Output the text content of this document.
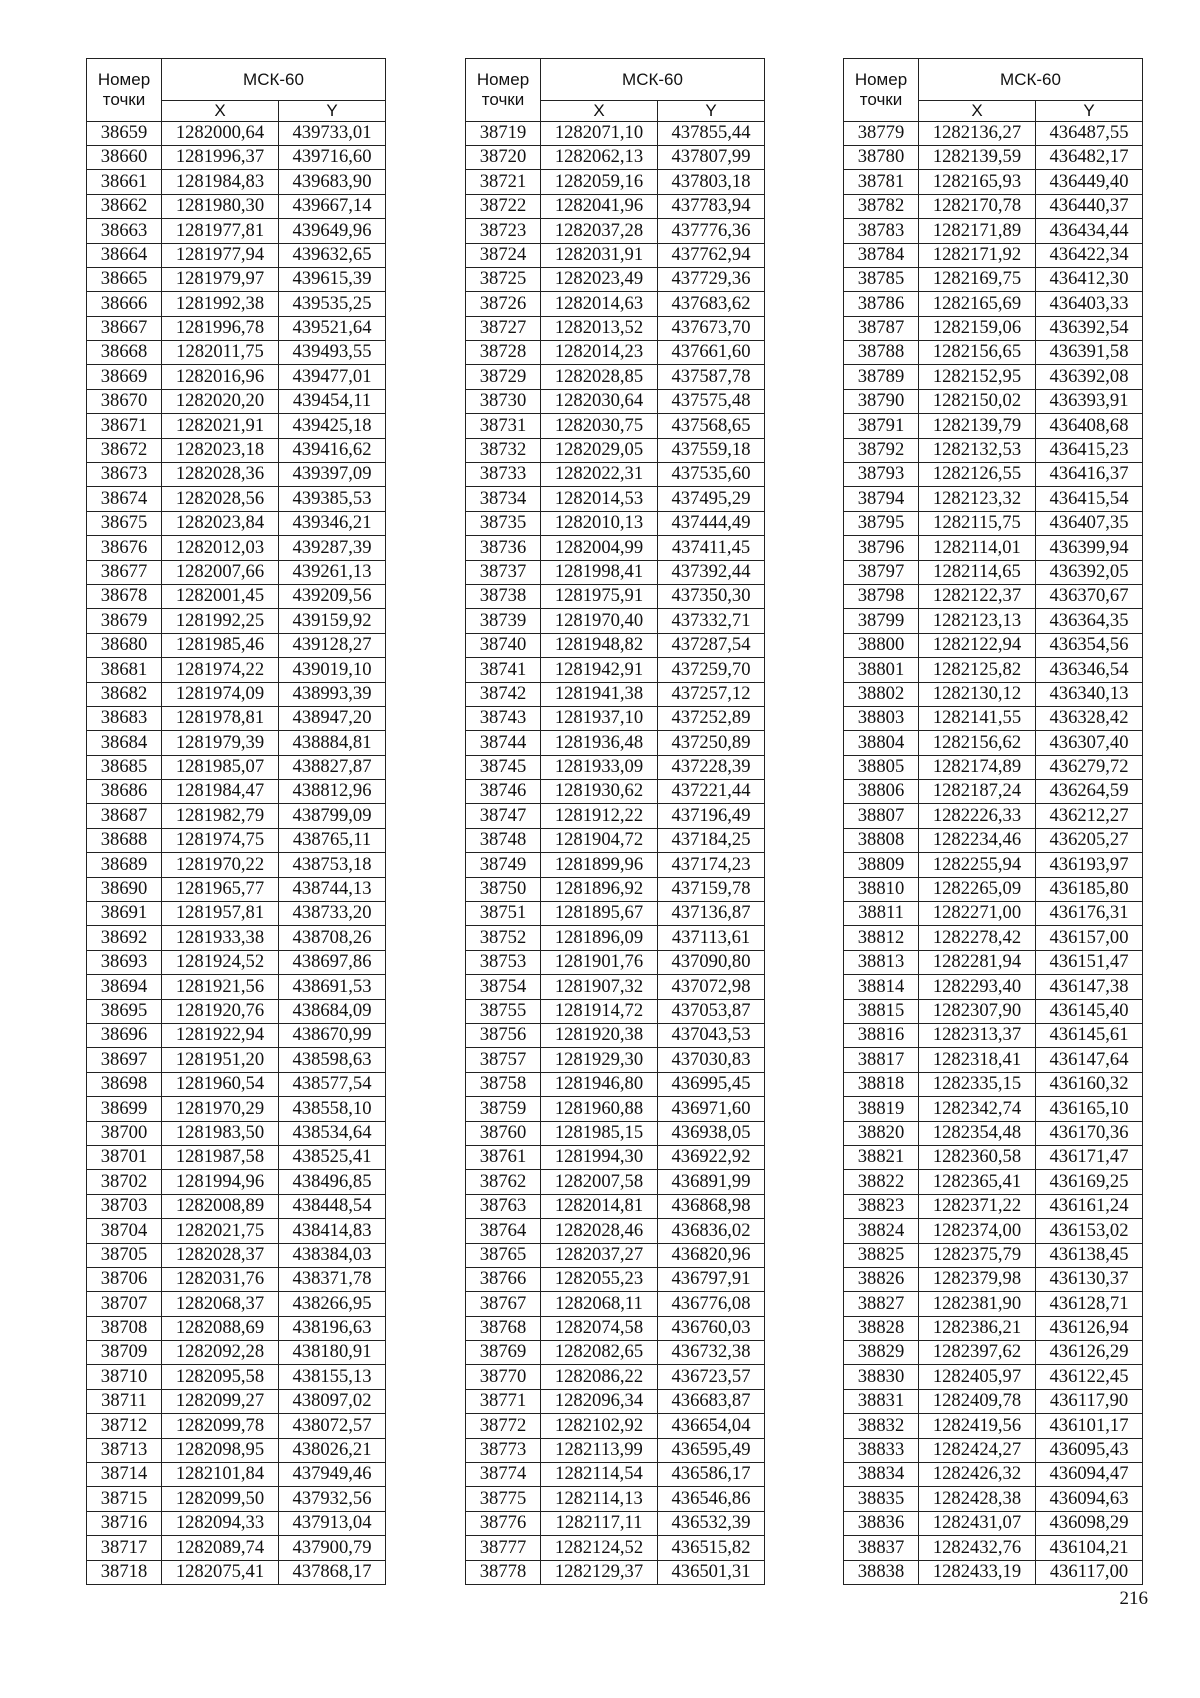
Номер
точки	МСК-60	
	X	Y
38659	1282000,64	439733,01
38660	1281996,37	439716,60
38661	1281984,83	439683,90
38662	1281980,30	439667,14
38663	1281977,81	439649,96
38664	1281977,94	439632,65
38665	1281979,97	439615,39
38666	1281992,38	439535,25
38667	1281996,78	439521,64
38668	1282011,75	439493,55
38669	1282016,96	439477,01
38670	1282020,20	439454,11
38671	1282021,91	439425,18
38672	1282023,18	439416,62
38673	1282028,36	439397,09
38674	1282028,56	439385,53
38675	1282023,84	439346,21
38676	1282012,03	439287,39
38677	1282007,66	439261,13
38678	1282001,45	439209,56
38679	1281992,25	439159,92
38680	1281985,46	439128,27
38681	1281974,22	439019,10
38682	1281974,09	438993,39
38683	1281978,81	438947,20
38684	1281979,39	438884,81
38685	1281985,07	438827,87
38686	1281984,47	438812,96
38687	1281982,79	438799,09
38688	1281974,75	438765,11
38689	1281970,22	438753,18
38690	1281965,77	438744,13
38691	1281957,81	438733,20
38692	1281933,38	438708,26
38693	1281924,52	438697,86
38694	1281921,56	438691,53
38695	1281920,76	438684,09
38696	1281922,94	438670,99
38697	1281951,20	438598,63
38698	1281960,54	438577,54
38699	1281970,29	438558,10
38700	1281983,50	438534,64
38701	1281987,58	438525,41
38702	1281994,96	438496,85
38703	1282008,89	438448,54
38704	1282021,75	438414,83
38705	1282028,37	438384,03
38706	1282031,76	438371,78
38707	1282068,37	438266,95
38708	1282088,69	438196,63
38709	1282092,28	438180,91
38710	1282095,58	438155,13
38711	1282099,27	438097,02
38712	1282099,78	438072,57
38713	1282098,95	438026,21
38714	1282101,84	437949,46
38715	1282099,50	437932,56
38716	1282094,33	437913,04
38717	1282089,74	437900,79
38718	1282075,41	437868,17
Номер
точки	МСК-60	
	X	Y
38719	1282071,10	437855,44
38720	1282062,13	437807,99
38721	1282059,16	437803,18
38722	1282041,96	437783,94
38723	1282037,28	437776,36
38724	1282031,91	437762,94
38725	1282023,49	437729,36
38726	1282014,63	437683,62
38727	1282013,52	437673,70
38728	1282014,23	437661,60
38729	1282028,85	437587,78
38730	1282030,64	437575,48
38731	1282030,75	437568,65
38732	1282029,05	437559,18
38733	1282022,31	437535,60
38734	1282014,53	437495,29
38735	1282010,13	437444,49
38736	1282004,99	437411,45
38737	1281998,41	437392,44
38738	1281975,91	437350,30
38739	1281970,40	437332,71
38740	1281948,82	437287,54
38741	1281942,91	437259,70
38742	1281941,38	437257,12
38743	1281937,10	437252,89
38744	1281936,48	437250,89
38745	1281933,09	437228,39
38746	1281930,62	437221,44
38747	1281912,22	437196,49
38748	1281904,72	437184,25
38749	1281899,96	437174,23
38750	1281896,92	437159,78
38751	1281895,67	437136,87
38752	1281896,09	437113,61
38753	1281901,76	437090,80
38754	1281907,32	437072,98
38755	1281914,72	437053,87
38756	1281920,38	437043,53
38757	1281929,30	437030,83
38758	1281946,80	436995,45
38759	1281960,88	436971,60
38760	1281985,15	436938,05
38761	1281994,30	436922,92
38762	1282007,58	436891,99
38763	1282014,81	436868,98
38764	1282028,46	436836,02
38765	1282037,27	436820,96
38766	1282055,23	436797,91
38767	1282068,11	436776,08
38768	1282074,58	436760,03
38769	1282082,65	436732,38
38770	1282086,22	436723,57
38771	1282096,34	436683,87
38772	1282102,92	436654,04
38773	1282113,99	436595,49
38774	1282114,54	436586,17
38775	1282114,13	436546,86
38776	1282117,11	436532,39
38777	1282124,52	436515,82
38778	1282129,37	436501,31
Номер
точки	МСК-60	
	X	Y
38779	1282136,27	436487,55
38780	1282139,59	436482,17
38781	1282165,93	436449,40
38782	1282170,78	436440,37
38783	1282171,89	436434,44
38784	1282171,92	436422,34
38785	1282169,75	436412,30
38786	1282165,69	436403,33
38787	1282159,06	436392,54
38788	1282156,65	436391,58
38789	1282152,95	436392,08
38790	1282150,02	436393,91
38791	1282139,79	436408,68
38792	1282132,53	436415,23
38793	1282126,55	436416,37
38794	1282123,32	436415,54
38795	1282115,75	436407,35
38796	1282114,01	436399,94
38797	1282114,65	436392,05
38798	1282122,37	436370,67
38799	1282123,13	436364,35
38800	1282122,94	436354,56
38801	1282125,82	436346,54
38802	1282130,12	436340,13
38803	1282141,55	436328,42
38804	1282156,62	436307,40
38805	1282174,89	436279,72
38806	1282187,24	436264,59
38807	1282226,33	436212,27
38808	1282234,46	436205,27
38809	1282255,94	436193,97
38810	1282265,09	436185,80
38811	1282271,00	436176,31
38812	1282278,42	436157,00
38813	1282281,94	436151,47
38814	1282293,40	436147,38
38815	1282307,90	436145,40
38816	1282313,37	436145,61
38817	1282318,41	436147,64
38818	1282335,15	436160,32
38819	1282342,74	436165,10
38820	1282354,48	436170,36
38821	1282360,58	436171,47
38822	1282365,41	436169,25
38823	1282371,22	436161,24
38824	1282374,00	436153,02
38825	1282375,79	436138,45
38826	1282379,98	436130,37
38827	1282381,90	436128,71
38828	1282386,21	436126,94
38829	1282397,62	436126,29
38830	1282405,97	436122,45
38831	1282409,78	436117,90
38832	1282419,56	436101,17
38833	1282424,27	436095,43
38834	1282426,32	436094,47
38835	1282428,38	436094,63
38836	1282431,07	436098,29
38837	1282432,76	436104,21
38838	1282433,19	436117,00
216
